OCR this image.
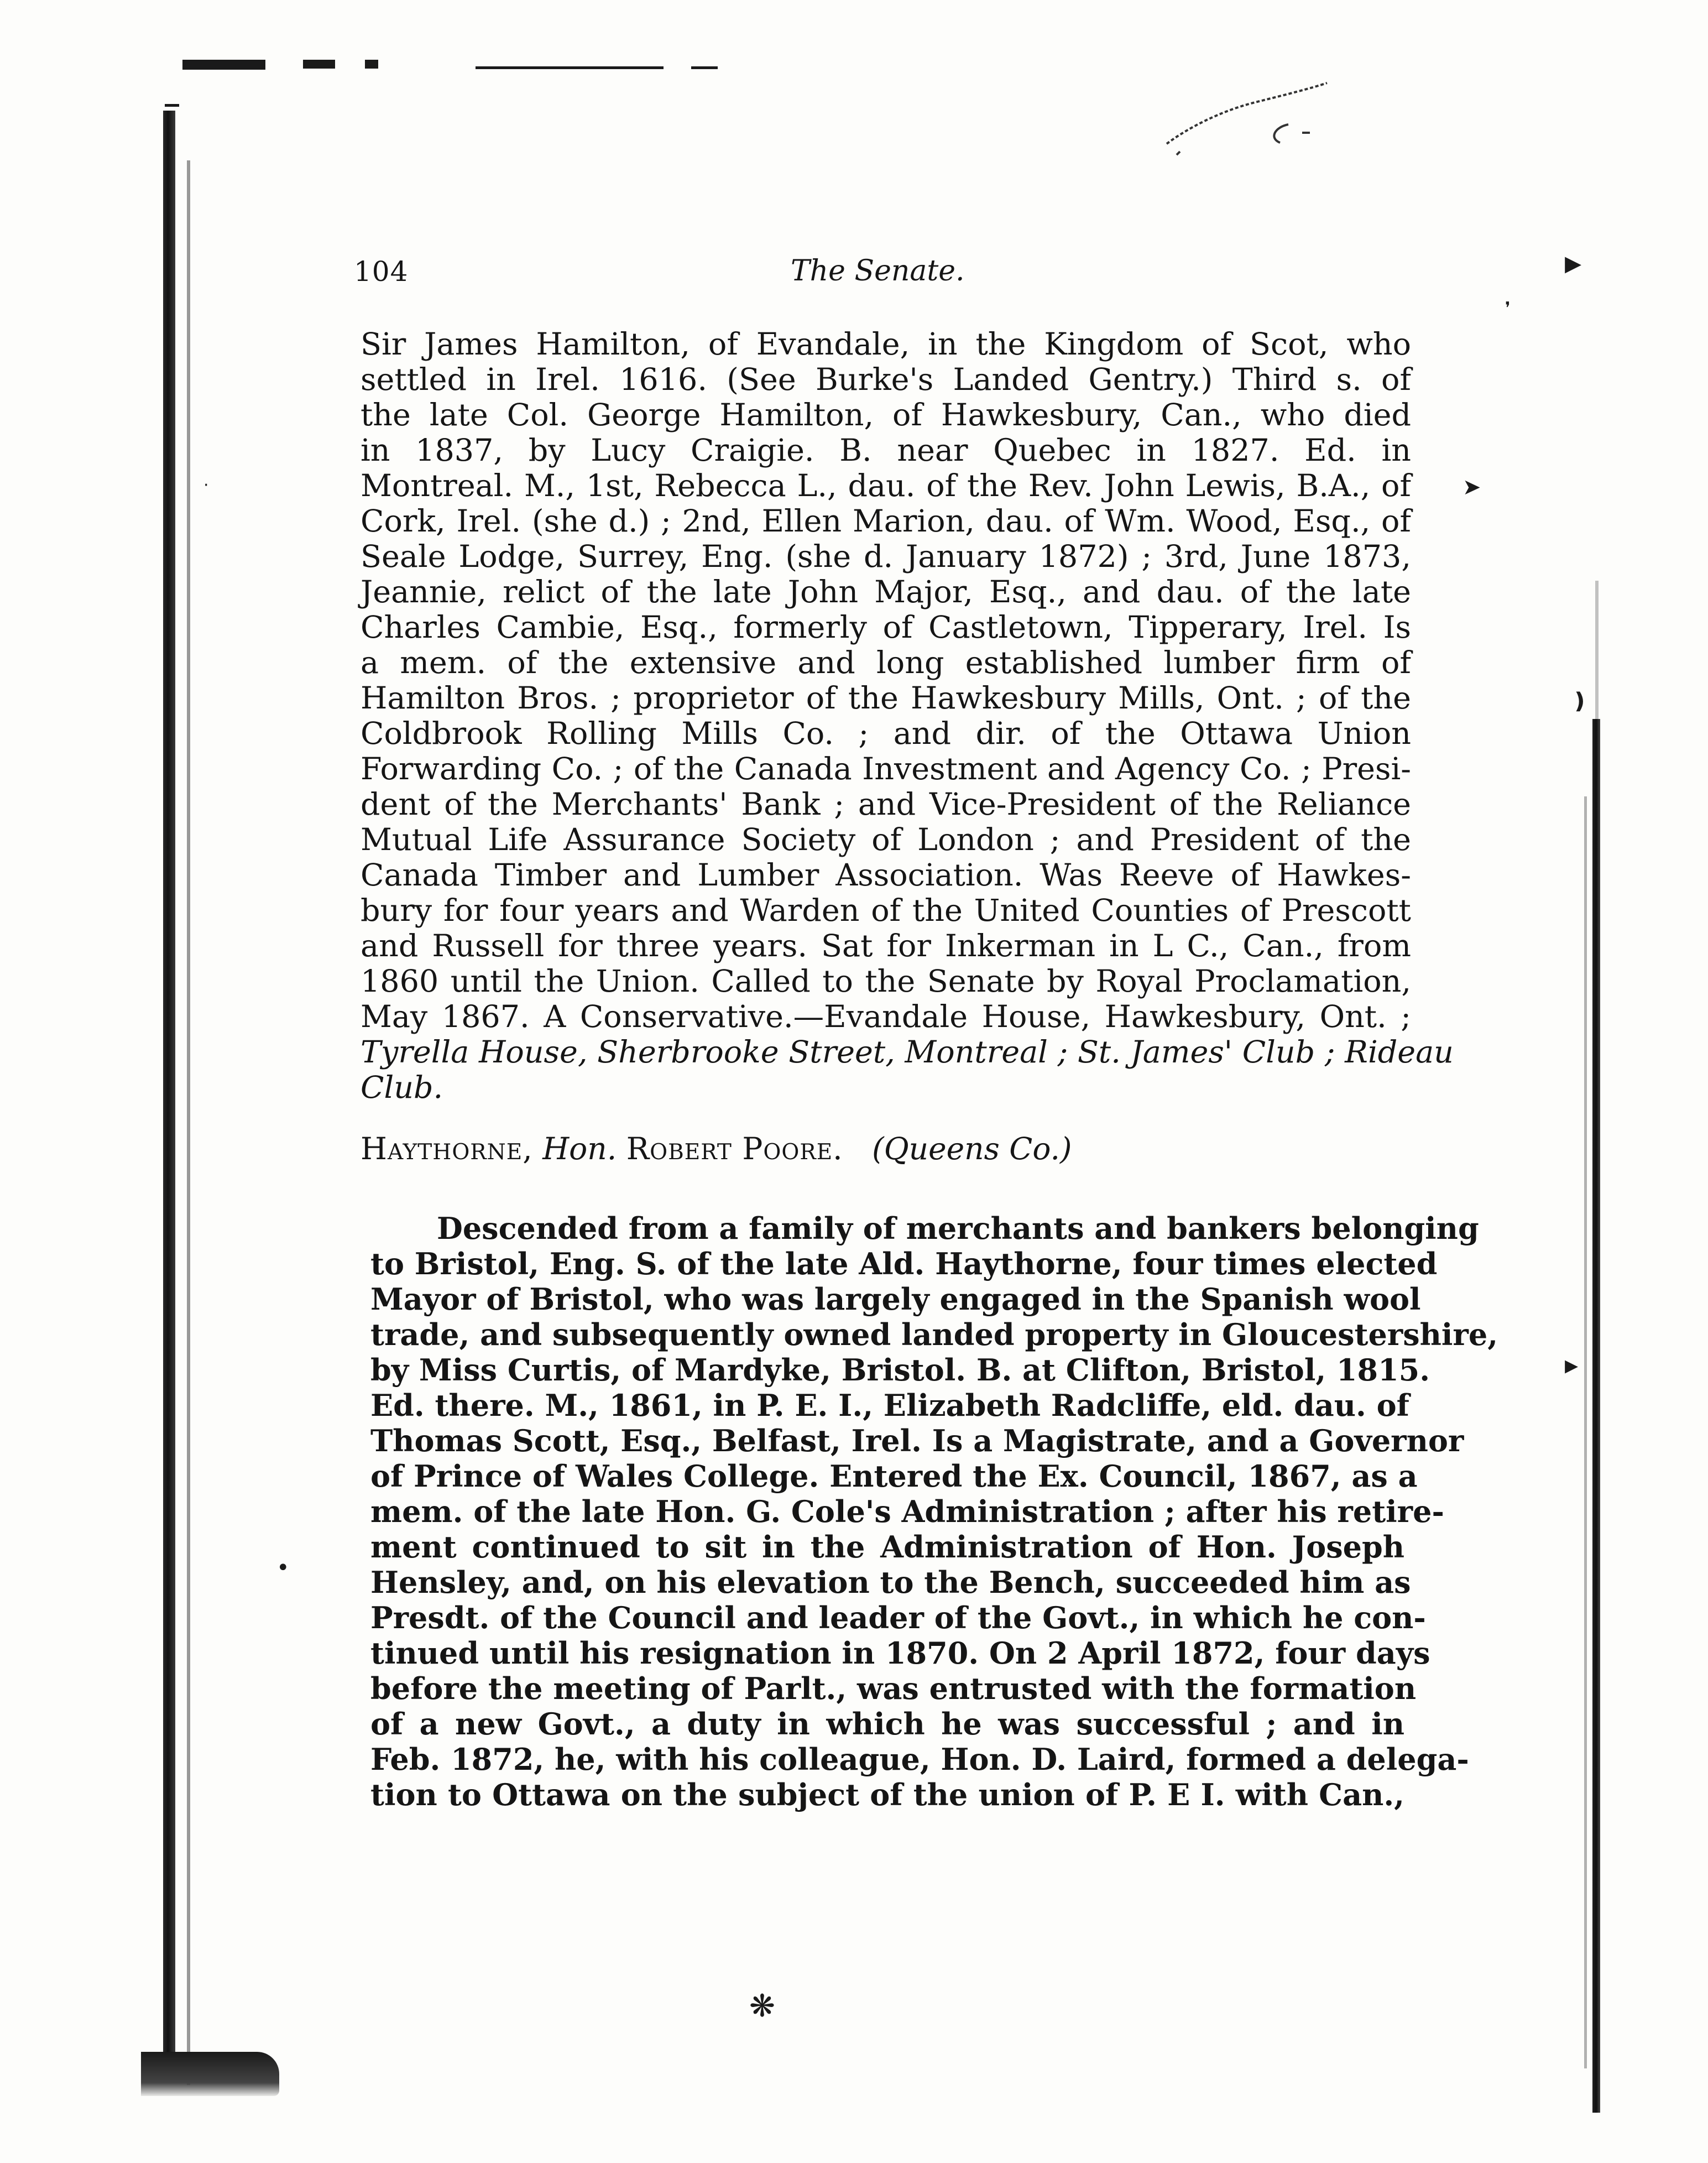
▸
❜
➤
❫
▸
·
•
❋
104	The Senate.
Sir James Hamilton, of Evandale, in the Kingdom of Scot, who
settled in Irel. 1616. (See Burke's Landed Gentry.) Third s. of
the late Col. George Hamilton, of Hawkesbury, Can., who died
in 1837, by Lucy Craigie. B. near Quebec in 1827. Ed. in
Montreal. M., 1st, Rebecca L., dau. of the Rev. John Lewis, B.A., of
Cork, Irel. (she d.) ; 2nd, Ellen Marion, dau. of Wm. Wood, Esq., of
Seale Lodge, Surrey, Eng. (she d. January 1872) ; 3rd, June 1873,
Jeannie, relict of the late John Major, Esq., and dau. of the late
Charles Cambie, Esq., formerly of Castletown, Tipperary, Irel. Is
a mem. of the extensive and long established lumber firm of
Hamilton Bros. ; proprietor of the Hawkesbury Mills, Ont. ; of the
Coldbrook Rolling Mills Co. ; and dir. of the Ottawa Union
Forwarding Co. ; of the Canada Investment and Agency Co. ; Presi-
dent of the Merchants' Bank ; and Vice-President of the Reliance
Mutual Life Assurance Society of London ; and President of the
Canada Timber and Lumber Association. Was Reeve of Hawkes-
bury for four years and Warden of the United Counties of Prescott
and Russell for three years. Sat for Inkerman in L C., Can., from
1860 until the Union. Called to the Senate by Royal Proclamation,
May 1867. A Conservative.—Evandale House, Hawkesbury, Ont. ;
Tyrella House, Sherbrooke Street, Montreal ; St. James' Club ; Rideau
Club.
Haythorne, Hon. Robert Poore. (Queens Co.)
Descended from a family of merchants and bankers belonging
to Bristol, Eng. S. of the late Ald. Haythorne, four times elected
Mayor of Bristol, who was largely engaged in the Spanish wool
trade, and subsequently owned landed property in Gloucestershire,
by Miss Curtis, of Mardyke, Bristol. B. at Clifton, Bristol, 1815.
Ed. there. M., 1861, in P. E. I., Elizabeth Radcliffe, eld. dau. of
Thomas Scott, Esq., Belfast, Irel. Is a Magistrate, and a Governor
of Prince of Wales College. Entered the Ex. Council, 1867, as a
mem. of the late Hon. G. Cole's Administration ; after his retire-
ment continued to sit in the Administration of Hon. Joseph
Hensley, and, on his elevation to the Bench, succeeded him as
Presdt. of the Council and leader of the Govt., in which he con-
tinued until his resignation in 1870. On 2 April 1872, four days
before the meeting of Parlt., was entrusted with the formation
of a new Govt., a duty in which he was successful ; and in
Feb. 1872, he, with his colleague, Hon. D. Laird, formed a delega-
tion to Ottawa on the subject of the union of P. E I. with Can.,
